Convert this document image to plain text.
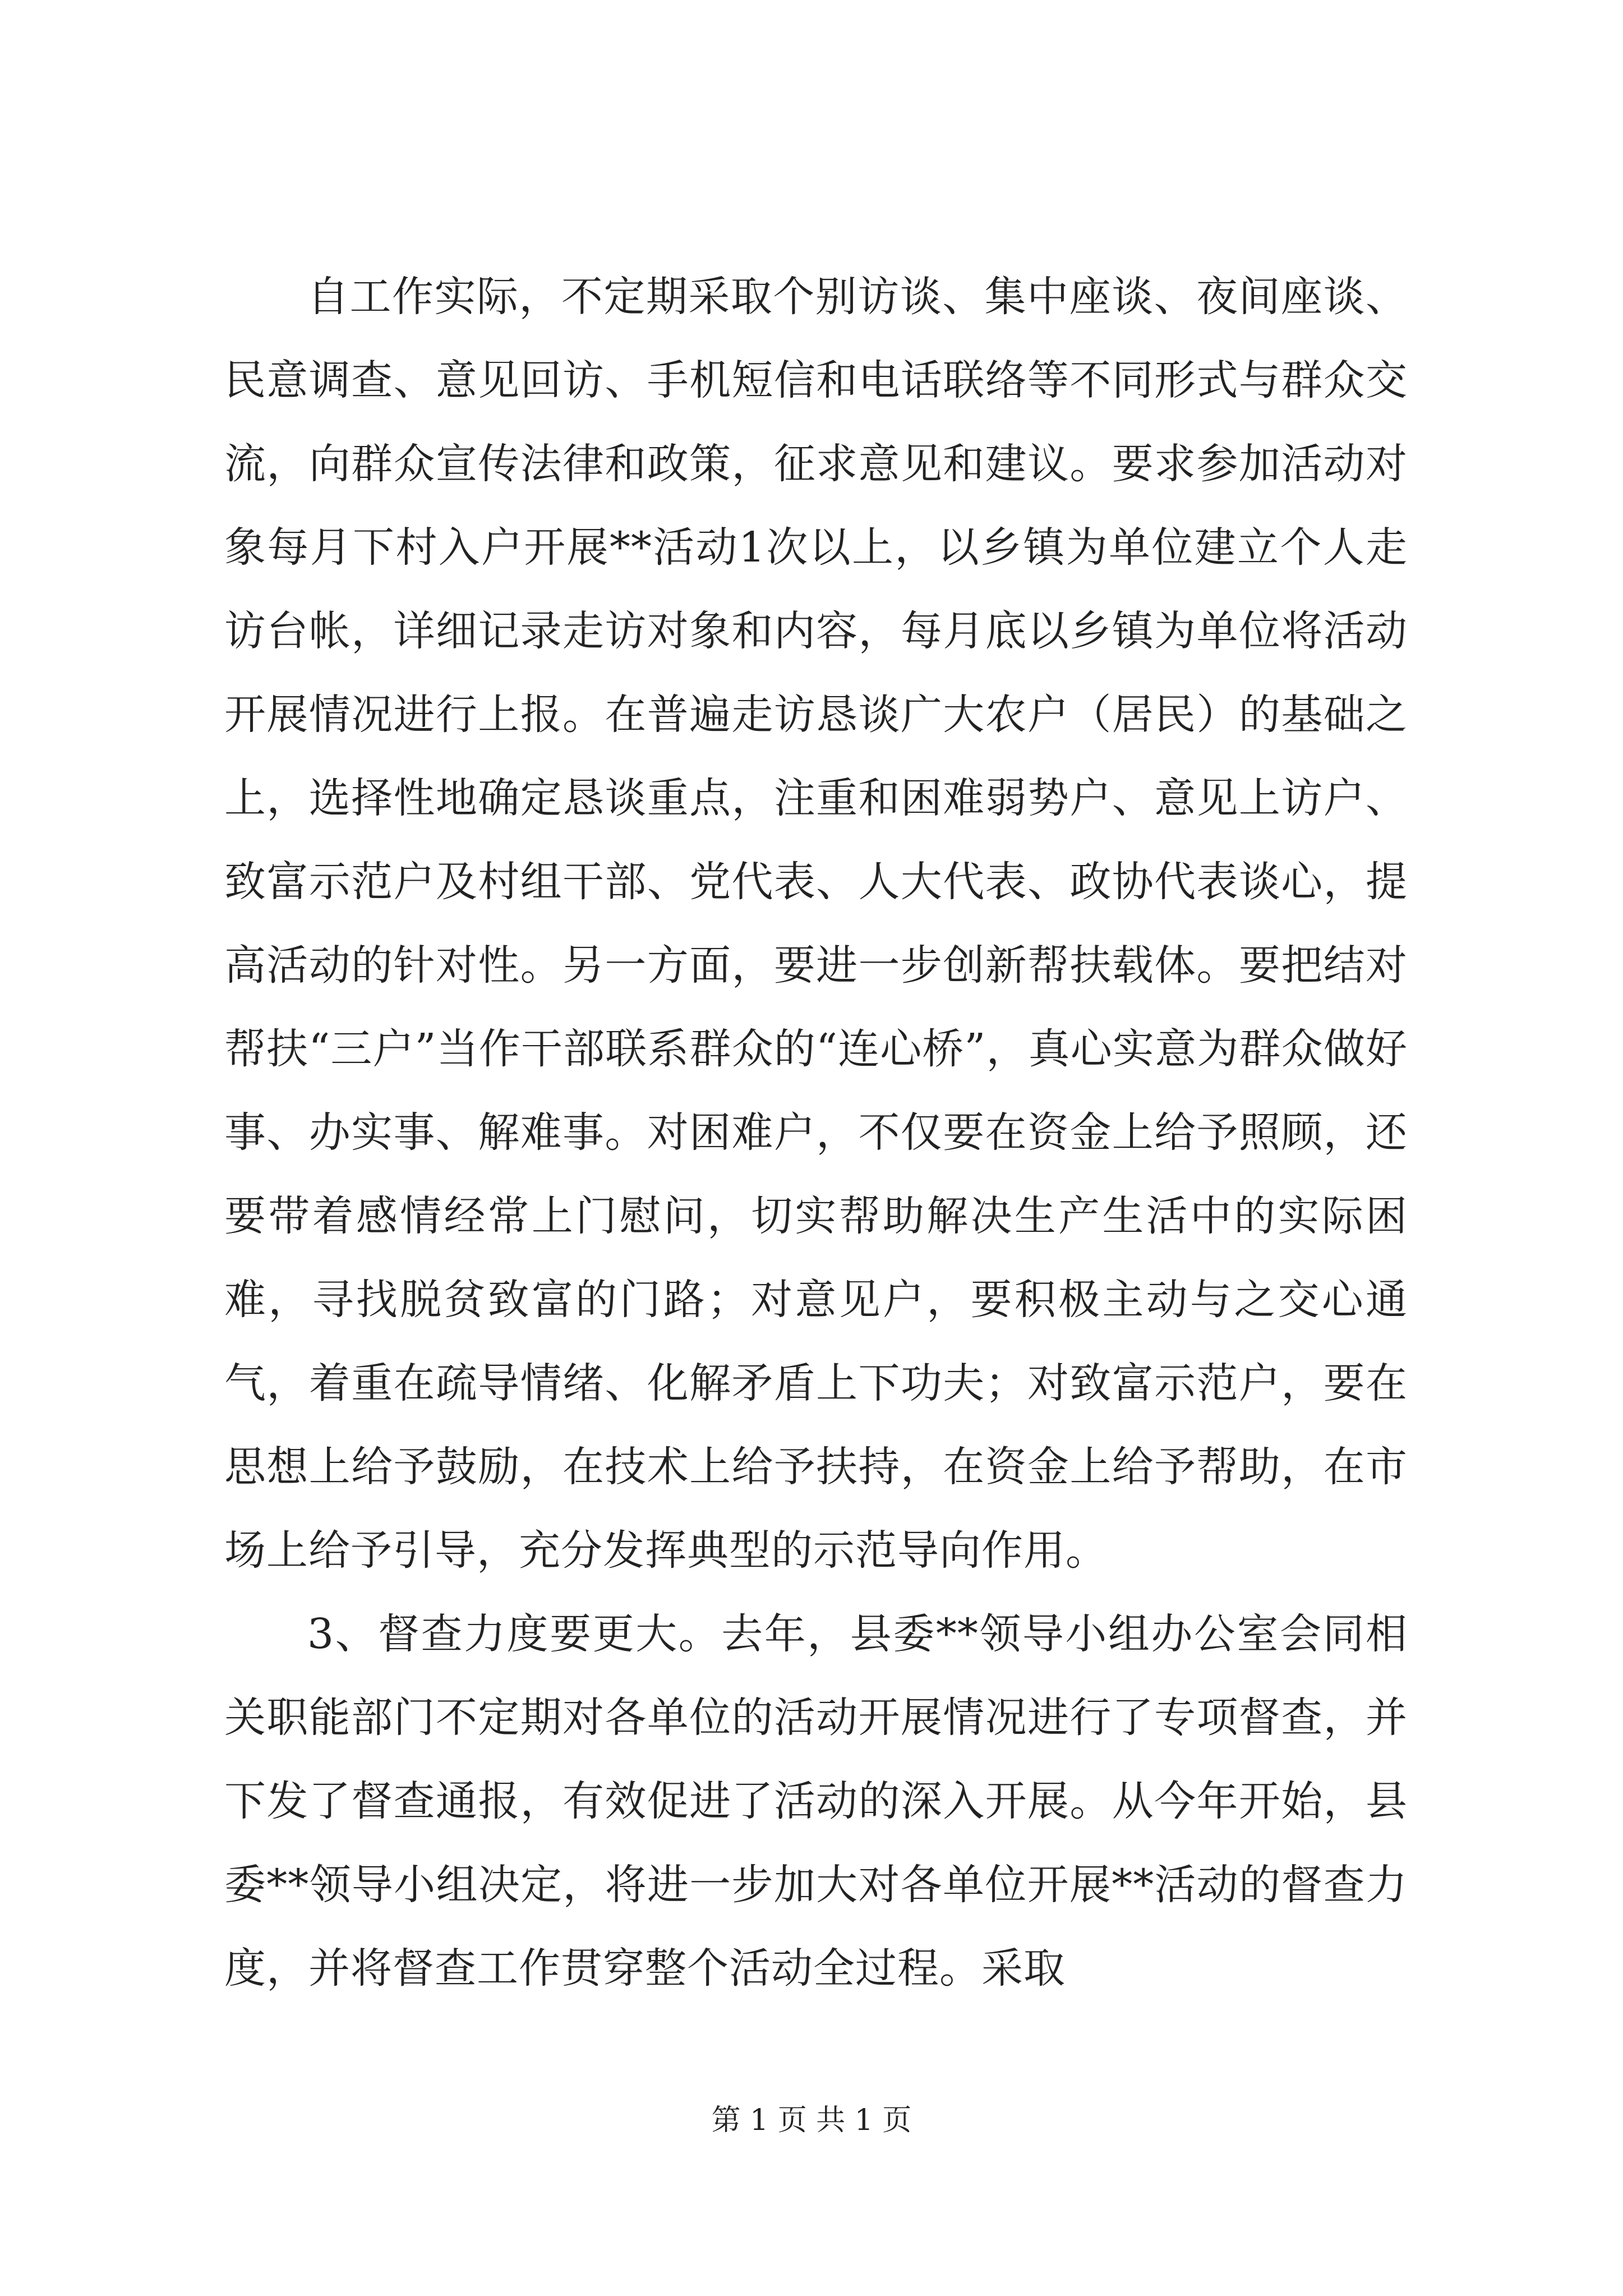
自工作实际，不定期采取个别访谈、集中座谈、夜间座谈、民意调查、意见回访、手机短信和电话联络等不同形式与群众交流，向群众宣传法律和政策，征求意见和建议。要求参加活动对象每月下村入户开展**活动1次以上，以乡镇为单位建立个人走访台帐，详细记录走访对象和内容，每月底以乡镇为单位将活动开展情况进行上报。在普遍走访恳谈广大农户（居民）的基础之上，选择性地确定恳谈重点，注重和困难弱势户、意见上访户、致富示范户及村组干部、党代表、人大代表、政协代表谈心，提高活动的针对性。另一方面，要进一步创新帮扶载体。要把结对帮扶“三户”当作干部联系群众的“连心桥”，真心实意为群众做好事、办实事、解难事。对困难户，不仅要在资金上给予照顾，还要带着感情经常上门慰问，切实帮助解决生产生活中的实际困难，寻找脱贫致富的门路；对意见户，要积极主动与之交心通气，着重在疏导情绪、化解矛盾上下功夫；对致富示范户，要在思想上给予鼓励，在技术上给予扶持，在资金上给予帮助，在市场上给予引导，充分发挥典型的示范导向作用。

3、督查力度要更大。去年，县委**领导小组办公室会同相关职能部门不定期对各单位的活动开展情况进行了专项督查，并下发了督查通报，有效促进了活动的深入开展。从今年开始，县委**领导小组决定，将进一步加大对各单位开展**活动的督查力度，并将督查工作贯穿整个活动全过程。采取

第 1 页 共 1 页
